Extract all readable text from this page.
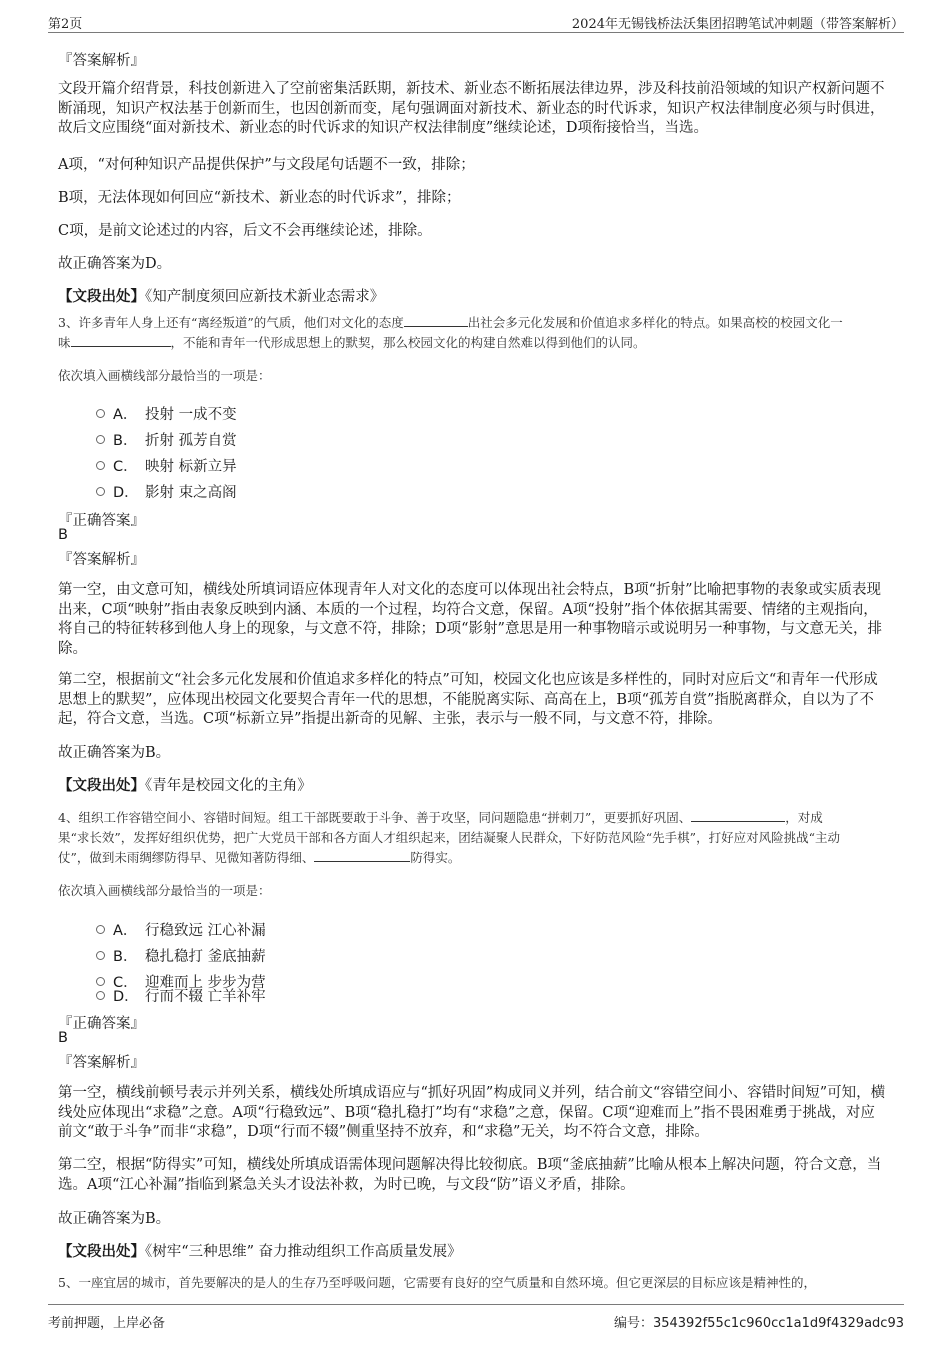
第2页	2024年无锡钱桥法沃集团招聘笔试冲刺题（带答案解析）
『答案解析』
文段开篇介绍背景，科技创新进入了空前密集活跃期，新技术、新业态不断拓展法律边界，涉及科技前沿领域的知识产权新问题不断涌现，知识产权法基于创新而生，也因创新而变，尾句强调面对新技术、新业态的时代诉求，知识产权法律制度必须与时俱进，故后文应围绕“面对新技术、新业态的时代诉求的知识产权法律制度”继续论述，D项衔接恰当，当选。
A项，“对何种知识产品提供保护”与文段尾句话题不一致，排除；
B项，无法体现如何回应“新技术、新业态的时代诉求”，排除；
C项，是前文论述过的内容，后文不会再继续论述，排除。
故正确答案为D。
【文段出处】《知产制度须回应新技术新业态需求》
3、许多青年人身上还有“离经叛道”的气质，他们对文化的态度	出社会多元化发展和价值追求多样化的特点。如果高校的校园文化一
味	，不能和青年一代形成思想上的默契，那么校园文化的构建自然难以得到他们的认同。
依次填入画横线部分最恰当的一项是：
A． 投射 一成不变
B． 折射 孤芳自赏
C． 映射 标新立异
D． 影射 束之高阁
『正确答案』
B
『答案解析』
第一空，由文意可知，横线处所填词语应体现青年人对文化的态度可以体现出社会特点，B项“折射”比喻把事物的表象或实质表现出来，C项“映射”指由表象反映到内涵、本质的一个过程，均符合文意，保留。A项“投射”指个体依据其需要、情绪的主观指向，将自己的特征转移到他人身上的现象，与文意不符，排除；D项“影射”意思是用一种事物暗示或说明另一种事物，与文意无关，排除。
第二空，根据前文“社会多元化发展和价值追求多样化的特点”可知，校园文化也应该是多样性的，同时对应后文“和青年一代形成思想上的默契”，应体现出校园文化要契合青年一代的思想，不能脱离实际、高高在上，B项“孤芳自赏”指脱离群众，自以为了不起，符合文意，当选。C项“标新立异”指提出新奇的见解、主张，表示与一般不同，与文意不符，排除。
故正确答案为B。
【文段出处】《青年是校园文化的主角》
4、组织工作容错空间小、容错时间短。组工干部既要敢于斗争、善于攻坚，同问题隐患“拼刺刀”，更要抓好巩固、	，对成
果“求长效”，发挥好组织优势，把广大党员干部和各方面人才组织起来，团结凝聚人民群众，下好防范风险“先手棋”，打好应对风险挑战“主动
仗”，做到未雨绸缪防得早、见微知著防得细、	防得实。
依次填入画横线部分最恰当的一项是：
A． 行稳致远 江心补漏
B． 稳扎稳打 釜底抽薪
C． 迎难而上 步步为营
D． 行而不辍 亡羊补牢
『正确答案』
B
『答案解析』
第一空，横线前顿号表示并列关系，横线处所填成语应与“抓好巩固”构成同义并列，结合前文“容错空间小、容错时间短”可知，横线处应体现出“求稳”之意。A项“行稳致远”、B项“稳扎稳打”均有“求稳”之意，保留。C项“迎难而上”指不畏困难勇于挑战，对应前文“敢于斗争”而非“求稳”，D项“行而不辍”侧重坚持不放弃，和“求稳”无关，均不符合文意，排除。
第二空，根据“防得实”可知，横线处所填成语需体现问题解决得比较彻底。B项“釜底抽薪”比喻从根本上解决问题，符合文意，当选。A项“江心补漏”指临到紧急关头才设法补救，为时已晚，与文段“防”语义矛盾，排除。
故正确答案为B。
【文段出处】《树牢“三种思维” 奋力推动组织工作高质量发展》
5、一座宜居的城市，首先要解决的是人的生存乃至呼吸问题，它需要有良好的空气质量和自然环境。但它更深层的目标应该是精神性的，
考前押题，上岸必备	编号：354392f55c1c960cc1a1d9f4329adc93
